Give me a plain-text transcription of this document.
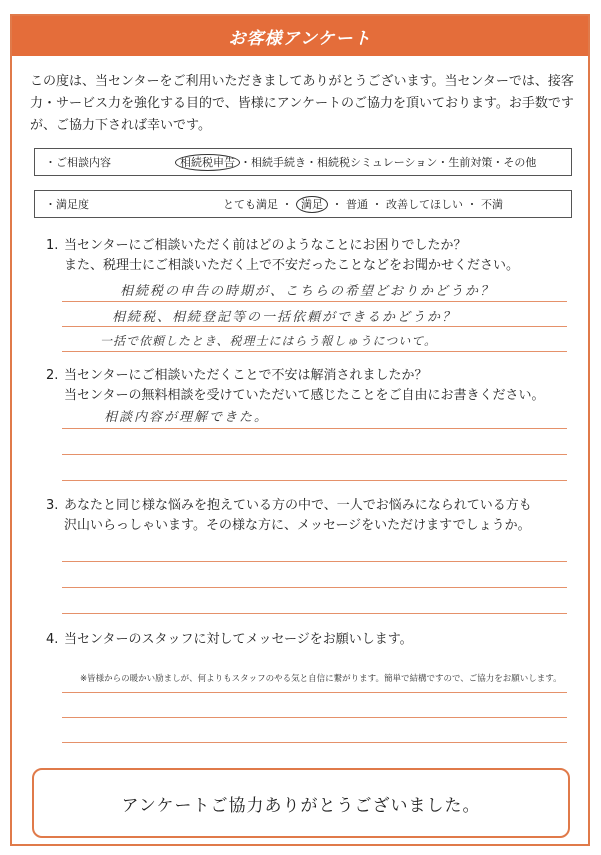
お客様アンケート
この度は、当センターをご利用いただきましてありがとうございます。当センターでは、接客力・サービス力を強化する目的で、皆様にアンケートのご協力を頂いております。お手数ですが、ご協力下されば幸いです。
・ご相談内容	相続税申告 ・相続手続き・相続税シミュレーション・生前対策・その他
・満足度	とても満足 ・ 満足 ・ 普通 ・ 改善してほしい ・ 不満
1. 当センターにご相談いただく前はどのようなことにお困りでしたか？
また、税理士にご相談いただく上で不安だったことなどをお聞かせください。
相続税の申告の時期が、こちらの希望どおりかどうか？
相続税、相続登記等の一括依頼ができるかどうか？
一括で依頼したとき、税理士にはらう報しゅうについて。
2. 当センターにご相談いただくことで不安は解消されましたか？
当センターの無料相談を受けていただいて感じたことをご自由にお書きください。
相談内容が理解できた。
3. あなたと同じ様な悩みを抱えている方の中で、一人でお悩みになられている方も
沢山いらっしゃいます。その様な方に、メッセージをいただけますでしょうか。
4. 当センターのスタッフに対してメッセージをお願いします。
※皆様からの暖かい励ましが、何よりもスタッフのやる気と自信に繋がります。簡単で結構ですので、ご協力をお願いします。
アンケートご協力ありがとうございました。
